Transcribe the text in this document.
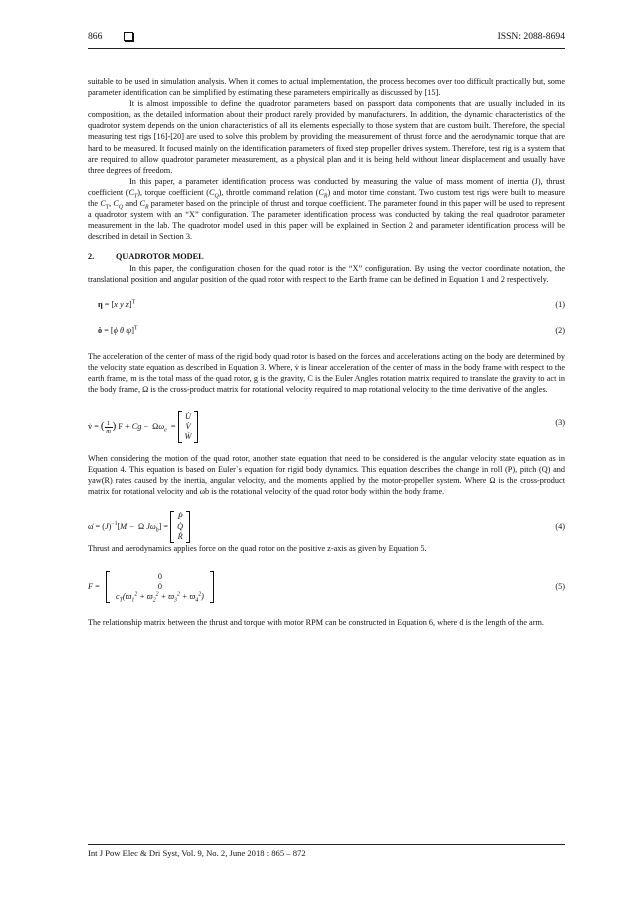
866	ISSN: 2088-8694

suitable to be used in simulation analysis. When it comes to actual implementation, the process becomes over too difficult practically but, some parameter identification can be simplified by estimating these parameters empirically as discussed by [15].

It is almost impossible to define the quadrotor parameters based on passport data components that are usually included in its composition, as the detailed information about their product rarely provided by manufacturers. In addition, the dynamic characteristics of the quadrotor system depends on the union characteristics of all its elements especially to those system that are custom built. Therefore, the special measuring test rigs [16]-[20] are used to solve this problem by providing the measurement of thrust force and the aerodynamic torque that are hard to be measured. It focused mainly on the identification parameters of fixed step propeller drives system. Therefore, test rig is a system that are required to allow quadrotor parameter measurement, as a physical plan and it is being held without linear displacement and usually have three degrees of freedom.

In this paper, a parameter identification process was conducted by measuring the value of mass moment of inertia (J), thrust coefficient $(C_T)$, torque coefficient $(C_Q)$, throttle command relation $(C_R)$ and motor time constant. Two custom test rigs were built to measure the $C_T$, $C_Q$ and $C_R$ parameter based on the principle of thrust and torque coefficient. The parameter found in this paper will be used to represent a quadrotor system with an “X” configuration. The parameter identification process was conducted by taking the real quadrotor parameter measurement in the lab. The quadrotor model used in this paper will be explained in Section 2 and parameter identification process will be described in detail in Section 3.

2.	QUADROTOR MODEL

In this paper, the configuration chosen for the quad rotor is the “X” configuration. By using the vector coordinate notation, the translational position and angular position of the quad rotor with respect to the Earth frame can be defined in Equation 1 and 2 respectively.

η = [x y z]$^T$	(1)
ȯ = [ϕ θ ψ]$^T$	(2)

The acceleration of the center of mass of the rigid body quad rotor is based on the forces and accelerations acting on the body are determined by the velocity state equation as described in Equation 3. Where, v̇ is linear acceleration of the center of mass in the body frame with respect to the earth frame, m is the total mass of the quad rotor, g is the gravity, C is the Euler Angles rotation matrix required to translate the gravity to act in the body frame, Ω is the cross-product matrix for rotational velocity required to map rotational velocity to the time derivative of the angles.

v̇ = ( $\frac{1}{m}$ ) $F + Cg - \Omega\omega_e$  =
U̇
V̇
Ẇ
(3)

When considering the motion of the quad rotor, another state equation that need to be considered is the angular velocity state equation as in Equation 4. This equation is based on Euler`s equation for rigid body dynamics. This equation describes the change in roll (P), pitch (Q) and yaw(R) rates caused by the inertia, angular velocity, and the moments applied by the motor-propeller system. Where Ω is the cross-product matrix for rotational velocity and ωb is the rotational velocity of the quad rotor body within the body frame.

ω̇ = $(J)^{-1}[M - \Omega$ $J\omega_b$] =
Ṗ
Q̇
Ṙ
(4)

Thrust and aerodynamics applies force on the quad rotor on the positive z-axis as given by Equation 5.

F =
0
0
$c_T(ϖ_1^2 + ϖ_2^2 + ϖ_3^2 + ϖ_4^2)$
(5)

The relationship matrix between the thrust and torque with motor RPM can be constructed in Equation 6, where d is the length of the arm.

Int J Pow Elec & Dri Syst, Vol. 9, No. 2, June 2018 : 865 – 872
